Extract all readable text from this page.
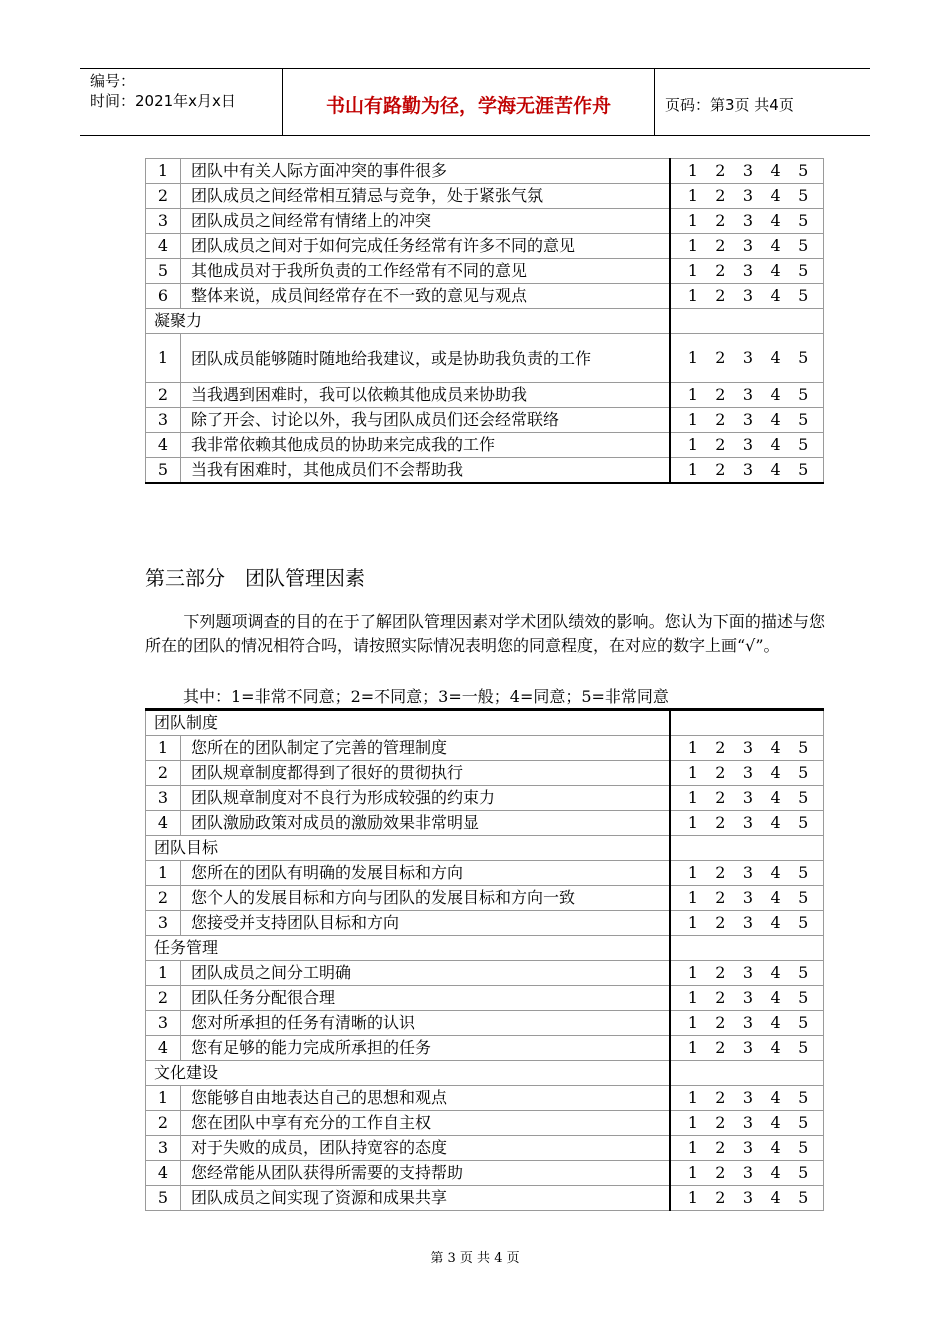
编号：
时间：2021年x月x日	书山有路勤为径，学海无涯苦作舟	页码：第3页 共4页
1	团队中有关人际方面冲突的事件很多	1 2 3 4 5

2	团队成员之间经常相互猜忌与竞争，处于紧张气氛	1 2 3 4 5

3	团队成员之间经常有情绪上的冲突	1 2 3 4 5

4	团队成员之间对于如何完成任务经常有许多不同的意见	1 2 3 4 5

5	其他成员对于我所负责的工作经常有不同的意见	1 2 3 4 5

6	整体来说，成员间经常存在不一致的意见与观点	1 2 3 4 5

凝聚力		
1	团队成员能够随时随地给我建议，或是协助我负责的工作	1 2 3 4 5

2	当我遇到困难时，我可以依赖其他成员来协助我	1 2 3 4 5

3	除了开会、讨论以外，我与团队成员们还会经常联络	1 2 3 4 5

4	我非常依赖其他成员的协助来完成我的工作	1 2 3 4 5

5	当我有困难时，其他成员们不会帮助我	1 2 3 4 5
第三部分　团队管理因素
下列题项调查的目的在于了解团队管理因素对学术团队绩效的影响。您认为下面的描述与您所在的团队的情况相符合吗，请按照实际情况表明您的同意程度，在对应的数字上画“√”。
其中：1=非常不同意；2=不同意；3=一般；4=同意；5=非常同意
团队制度		
1	您所在的团队制定了完善的管理制度	1 2 3 4 5

2	团队规章制度都得到了很好的贯彻执行	1 2 3 4 5

3	团队规章制度对不良行为形成较强的约束力	1 2 3 4 5

4	团队激励政策对成员的激励效果非常明显	1 2 3 4 5

团队目标		
1	您所在的团队有明确的发展目标和方向	1 2 3 4 5

2	您个人的发展目标和方向与团队的发展目标和方向一致	1 2 3 4 5

3	您接受并支持团队目标和方向	1 2 3 4 5

任务管理		
1	团队成员之间分工明确	1 2 3 4 5

2	团队任务分配很合理	1 2 3 4 5

3	您对所承担的任务有清晰的认识	1 2 3 4 5

4	您有足够的能力完成所承担的任务	1 2 3 4 5

文化建设		
1	您能够自由地表达自己的思想和观点	1 2 3 4 5

2	您在团队中享有充分的工作自主权	1 2 3 4 5

3	对于失败的成员，团队持宽容的态度	1 2 3 4 5

4	您经常能从团队获得所需要的支持帮助	1 2 3 4 5

5	团队成员之间实现了资源和成果共享	1 2 3 4 5
第 3 页 共 4 页
